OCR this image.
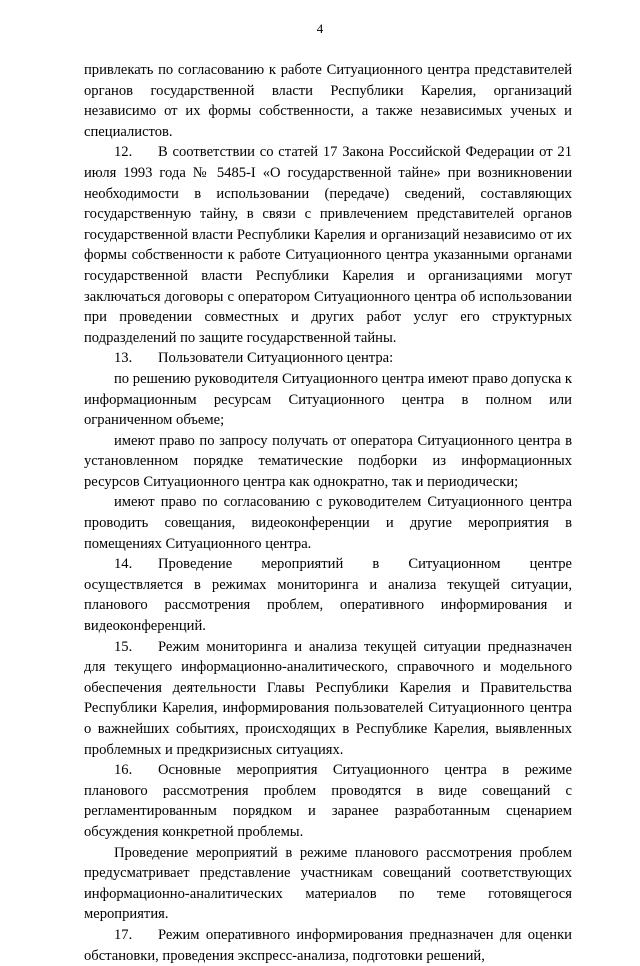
4

привлекать по согласованию к работе Ситуационного центра представителей органов государственной власти Республики Карелия, организаций независимо от их формы собственности, а также независимых ученых и специалистов.

12. В соответствии со статей 17 Закона Российской Федерации от 21 июля 1993 года № 5485-I «О государственной тайне» при возникновении необходимости в использовании (передаче) сведений, составляющих государственную тайну, в связи с привлечением представителей органов государственной власти Республики Карелия и организаций независимо от их формы собственности к работе Ситуационного центра указанными органами государственной власти Республики Карелия и организациями могут заключаться договоры с оператором Ситуационного центра об использовании при проведении совместных и других работ услуг его структурных подразделений по защите государственной тайны.

13. Пользователи Ситуационного центра:

по решению руководителя Ситуационного центра имеют право допуска к информационным ресурсам Ситуационного центра в полном или ограниченном объеме;

имеют право по запросу получать от оператора Ситуационного центра в установленном порядке тематические подборки из информационных ресурсов Ситуационного центра как однократно, так и периодически;

имеют право по согласованию с руководителем Ситуационного центра проводить совещания, видеоконференции и другие мероприятия в помещениях Ситуационного центра.

14. Проведение мероприятий в Ситуационном центре осуществляется в режимах мониторинга и анализа текущей ситуации, планового рассмотрения проблем, оперативного информирования и видеоконференций.

15. Режим мониторинга и анализа текущей ситуации предназначен для текущего информационно-аналитического, справочного и модельного обеспечения деятельности Главы Республики Карелия и Правительства Республики Карелия, информирования пользователей Ситуационного центра о важнейших событиях, происходящих в Республике Карелия, выявленных проблемных и предкризисных ситуациях.

16. Основные мероприятия Ситуационного центра в режиме планового рассмотрения проблем проводятся в виде совещаний с регламентированным порядком и заранее разработанным сценарием обсуждения конкретной проблемы.

Проведение мероприятий в режиме планового рассмотрения проблем предусматривает представление участникам совещаний соответствующих информационно-аналитических материалов по теме готовящегося мероприятия.

17. Режим оперативного информирования предназначен для оценки обстановки, проведения экспресс-анализа, подготовки решений,
